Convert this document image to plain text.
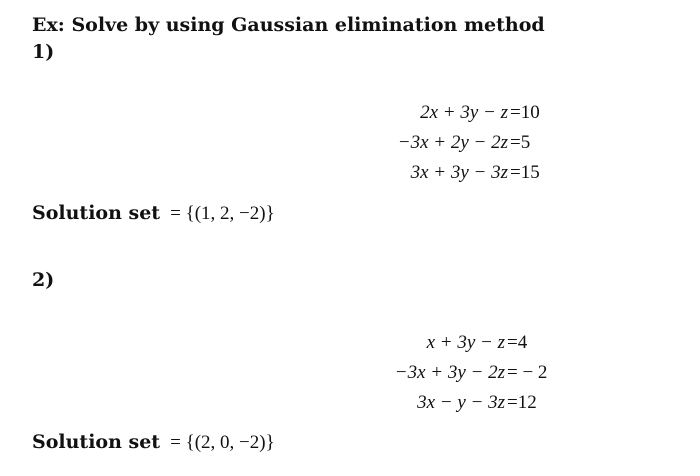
Ex: Solve by using Gaussian elimination method
1)
2x + 3y − z =10
−3x + 2y − 2z =5
3x + 3y − 3z =15
Solution set = {(1, 2, −2)}
2)
x + 3y − z =4
−3x + 3y − 2z = − 2
3x − y − 3z =12
Solution set = {(2, 0, −2)}
